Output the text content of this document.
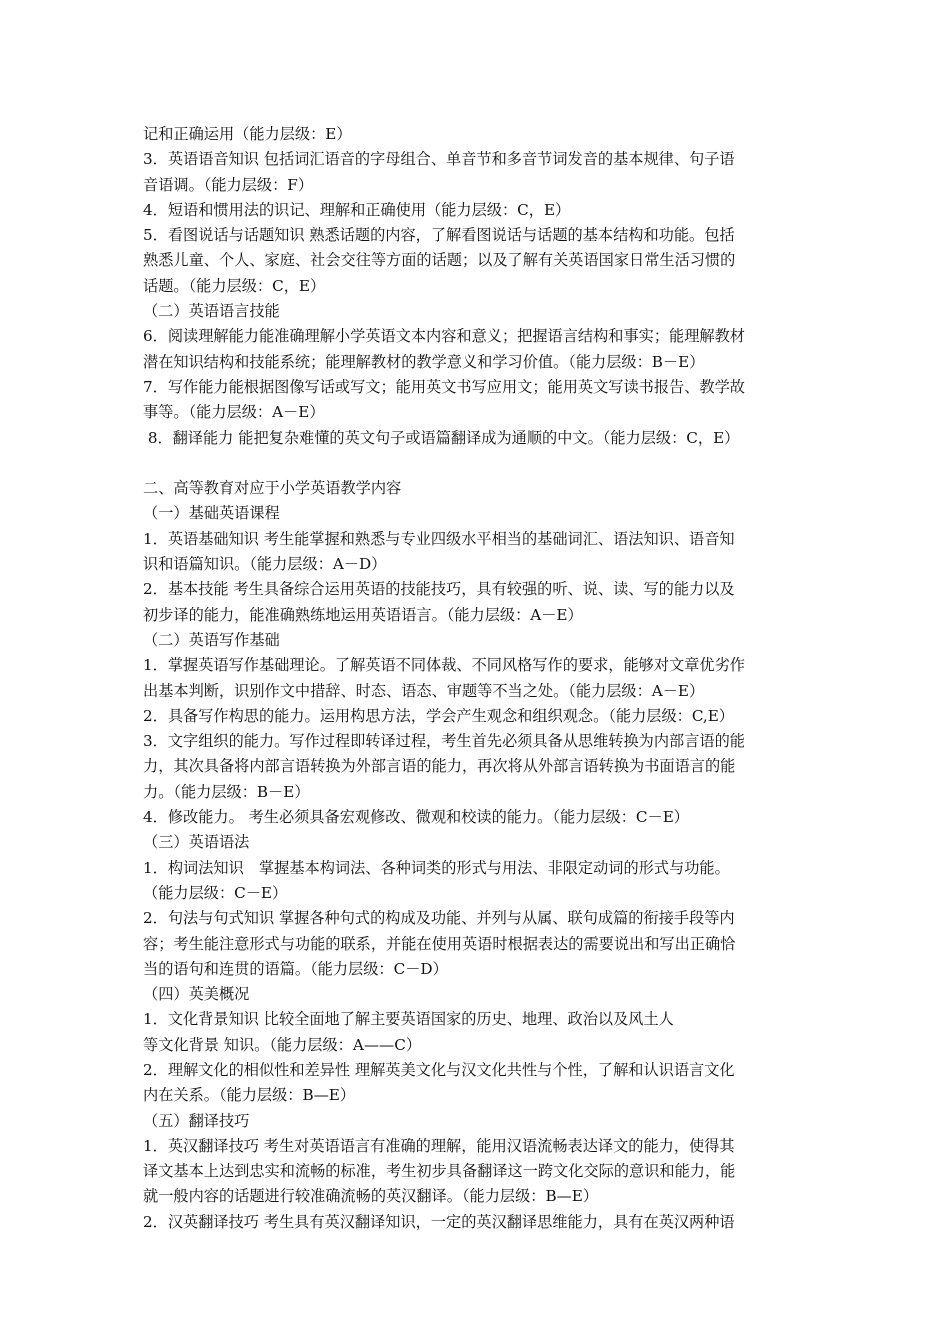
记和正确运用（能力层级：E）
3．英语语音知识 包括词汇语音的字母组合、单音节和多音节词发音的基本规律、句子语
音语调。（能力层级：F）
4．短语和惯用法的识记、理解和正确使用（能力层级：C，E）
5．看图说话与话题知识 熟悉话题的内容，了解看图说话与话题的基本结构和功能。包括
熟悉儿童、个人、家庭、社会交往等方面的话题；以及了解有关英语国家日常生活习惯的
话题。（能力层级：C，E）
（二）英语语言技能
6．阅读理解能力能准确理解小学英语文本内容和意义；把握语言结构和事实；能理解教材
潜在知识结构和技能系统；能理解教材的教学意义和学习价值。（能力层级：B－E）
7．写作能力能根据图像写话或写文；能用英文书写应用文；能用英文写读书报告、教学故
事等。（能力层级：A－E）
8．翻译能力 能把复杂难懂的英文句子或语篇翻译成为通顺的中文。（能力层级：C，E）
二、高等教育对应于小学英语教学内容
（一）基础英语课程
1．英语基础知识 考生能掌握和熟悉与专业四级水平相当的基础词汇、语法知识、语音知
识和语篇知识。（能力层级：A－D）
2．基本技能 考生具备综合运用英语的技能技巧，具有较强的听、说、读、写的能力以及
初步译的能力，能准确熟练地运用英语语言。（能力层级：A－E）
（二）英语写作基础
1．掌握英语写作基础理论。了解英语不同体裁、不同风格写作的要求，能够对文章优劣作
出基本判断，识别作文中措辞、时态、语态、审题等不当之处。（能力层级：A－E）
2．具备写作构思的能力。运用构思方法，学会产生观念和组织观念。（能力层级：C,E）
3．文字组织的能力。写作过程即转译过程，考生首先必须具备从思维转换为内部言语的能
力，其次具备将内部言语转换为外部言语的能力，再次将从外部言语转换为书面语言的能
力。（能力层级：B－E）
4．修改能力。 考生必须具备宏观修改、微观和校读的能力。（能力层级：C－E）
（三）英语语法
1．构词法知识　掌握基本构词法、各种词类的形式与用法、非限定动词的形式与功能。
（能力层级：C－E）
2．句法与句式知识 掌握各种句式的构成及功能、并列与从属、联句成篇的衔接手段等内
容；考生能注意形式与功能的联系，并能在使用英语时根据表达的需要说出和写出正确恰
当的语句和连贯的语篇。（能力层级：C－D）
（四）英美概况
1．文化背景知识 比较全面地了解主要英语国家的历史、地理、政治以及风土人
等文化背景 知识。（能力层级：A——C）
2．理解文化的相似性和差异性 理解英美文化与汉文化共性与个性，了解和认识语言文化
内在关系。（能力层级：B—E）
（五）翻译技巧
1．英汉翻译技巧 考生对英语语言有准确的理解，能用汉语流畅表达译文的能力，使得其
译文基本上达到忠实和流畅的标准，考生初步具备翻译这一跨文化交际的意识和能力，能
就一般内容的话题进行较准确流畅的英汉翻译。（能力层级：B—E）
2．汉英翻译技巧 考生具有英汉翻译知识，一定的英汉翻译思维能力，具有在英汉两种语
